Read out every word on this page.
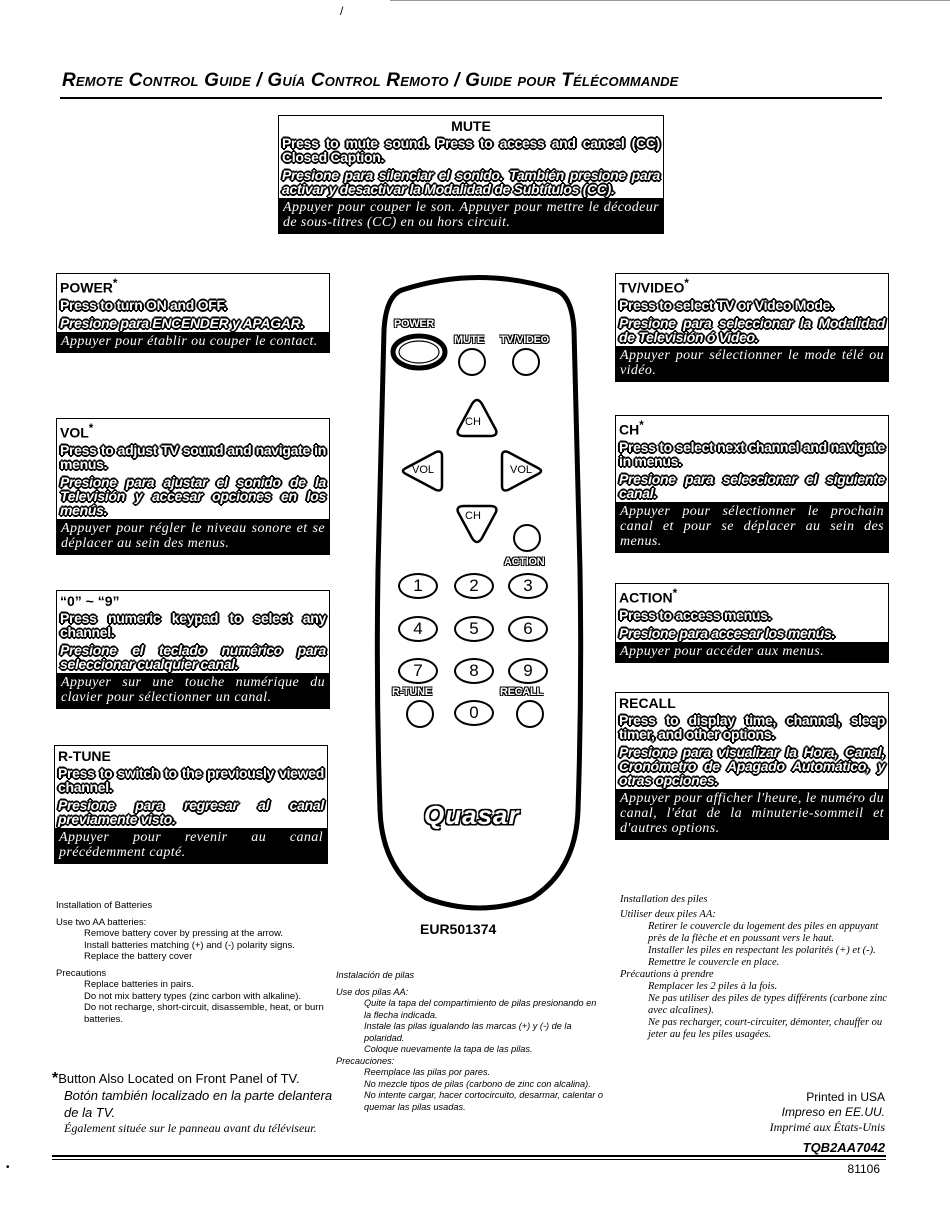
/
Remote Control Guide / Guía Control Remoto / Guide pour Télécommande
MUTE
Press to mute sound. Press to access and cancel (CC) Closed Caption.
Presione para silenciar el sonido. También presione para activar y desactivar la Modalidad de Subtítulos (CC).
Appuyer pour couper le son. Appuyer pour mettre le décodeur de sous-titres (CC) en ou hors circuit.
POWER*
Press to turn ON and OFF.
Presione para ENCENDER y APAGAR.
Appuyer pour établir ou couper le contact.
VOL*
Press to adjust TV sound and navigate in menus.
Presione para ajustar el sonido de la Televisión y accesar opciones en los menús.
Appuyer pour régler le niveau sonore et se déplacer au sein des menus.
“0” ~ “9”
Press numeric keypad to select any channel.
Presione el teclado numérico para seleccionar cualquier canal.
Appuyer sur une touche numérique du clavier pour sélectionner un canal.
R-TUNE
Press to switch to the previously viewed channel.
Presione para regresar al canal previamente visto.
Appuyer pour revenir au canal précédemment capté.
TV/VIDEO*
Press to select TV or Video Mode.
Presione para seleccionar la Modalidad de Televisión ó Video.
Appuyer pour sélectionner le mode télé ou vidéo.
CH*
Press to select next channel and navigate in menus.
Presione para seleccionar el siguiente canal.
Appuyer pour sélectionner le prochain canal et pour se déplacer au sein des menus.
ACTION*
Press to access menus.
Presione para accesar los menús.
Appuyer pour accéder aux menus.
RECALL
Press to display time, channel, sleep timer, and other options.
Presione para visualizar la Hora, Canal, Cronómetro de Apagado Automático, y otras opciones.
Appuyer pour afficher l'heure, le numéro du canal, l'état de la minuterie-sommeil et d'autres options.
POWER
MUTE TV/VIDEO
CH
VOL	VOL
CH
ACTION
1	2	3
4	5	6
7	8	9
R-TUNE	RECALL
0
Quasar
EUR501374

Installation of Batteries

Use two AA batteries:

Remove battery cover by pressing at the arrow.

Install batteries matching (+) and (-) polarity signs.

Replace the battery cover

Precautions

Replace batteries in pairs.

Do not mix battery types (zinc carbon with alkaline).

Do not recharge, short-circuit, disassemble, heat, or burn batteries.

Instalación de pilas

Use dos pilas AA:

Quite la tapa del compartimiento de pilas presionando en la flecha indicada.

Instale las pilas igualando las marcas (+) y (-) de la polaridad.

Coloque nuevamente la tapa de las pilas.

Precauciones:

Reemplace las pilas por pares.

No mezcle tipos de pilas (carbono de zinc con alcalina).

No intente cargar, hacer cortocircuito, desarmar, calentar o quemar las pilas usadas.

Installation des piles

Utiliser deux piles AA:

Retirer le couvercle du logement des piles en appuyant près de la flèche et en poussant vers le haut.

Installer les piles en respectant les polarités (+) et (-).

Remettre le couvercle en place.

Précautions à prendre

Remplacer les 2 piles à la fois.

Ne pas utiliser des piles de types différents (carbone zinc avec alcalines).

Ne pas recharger, court-circuiter, démonter, chauffer ou jeter au feu les piles usagées.

*Button Also Located on Front Panel of TV.
Botón también localizado en la parte delantera de la TV.
Également située sur le panneau avant du téléviseur.
Printed in USA
Impreso en EE.UU.
Imprimé aux États-Unis
TQB2AA7042
81106
•
